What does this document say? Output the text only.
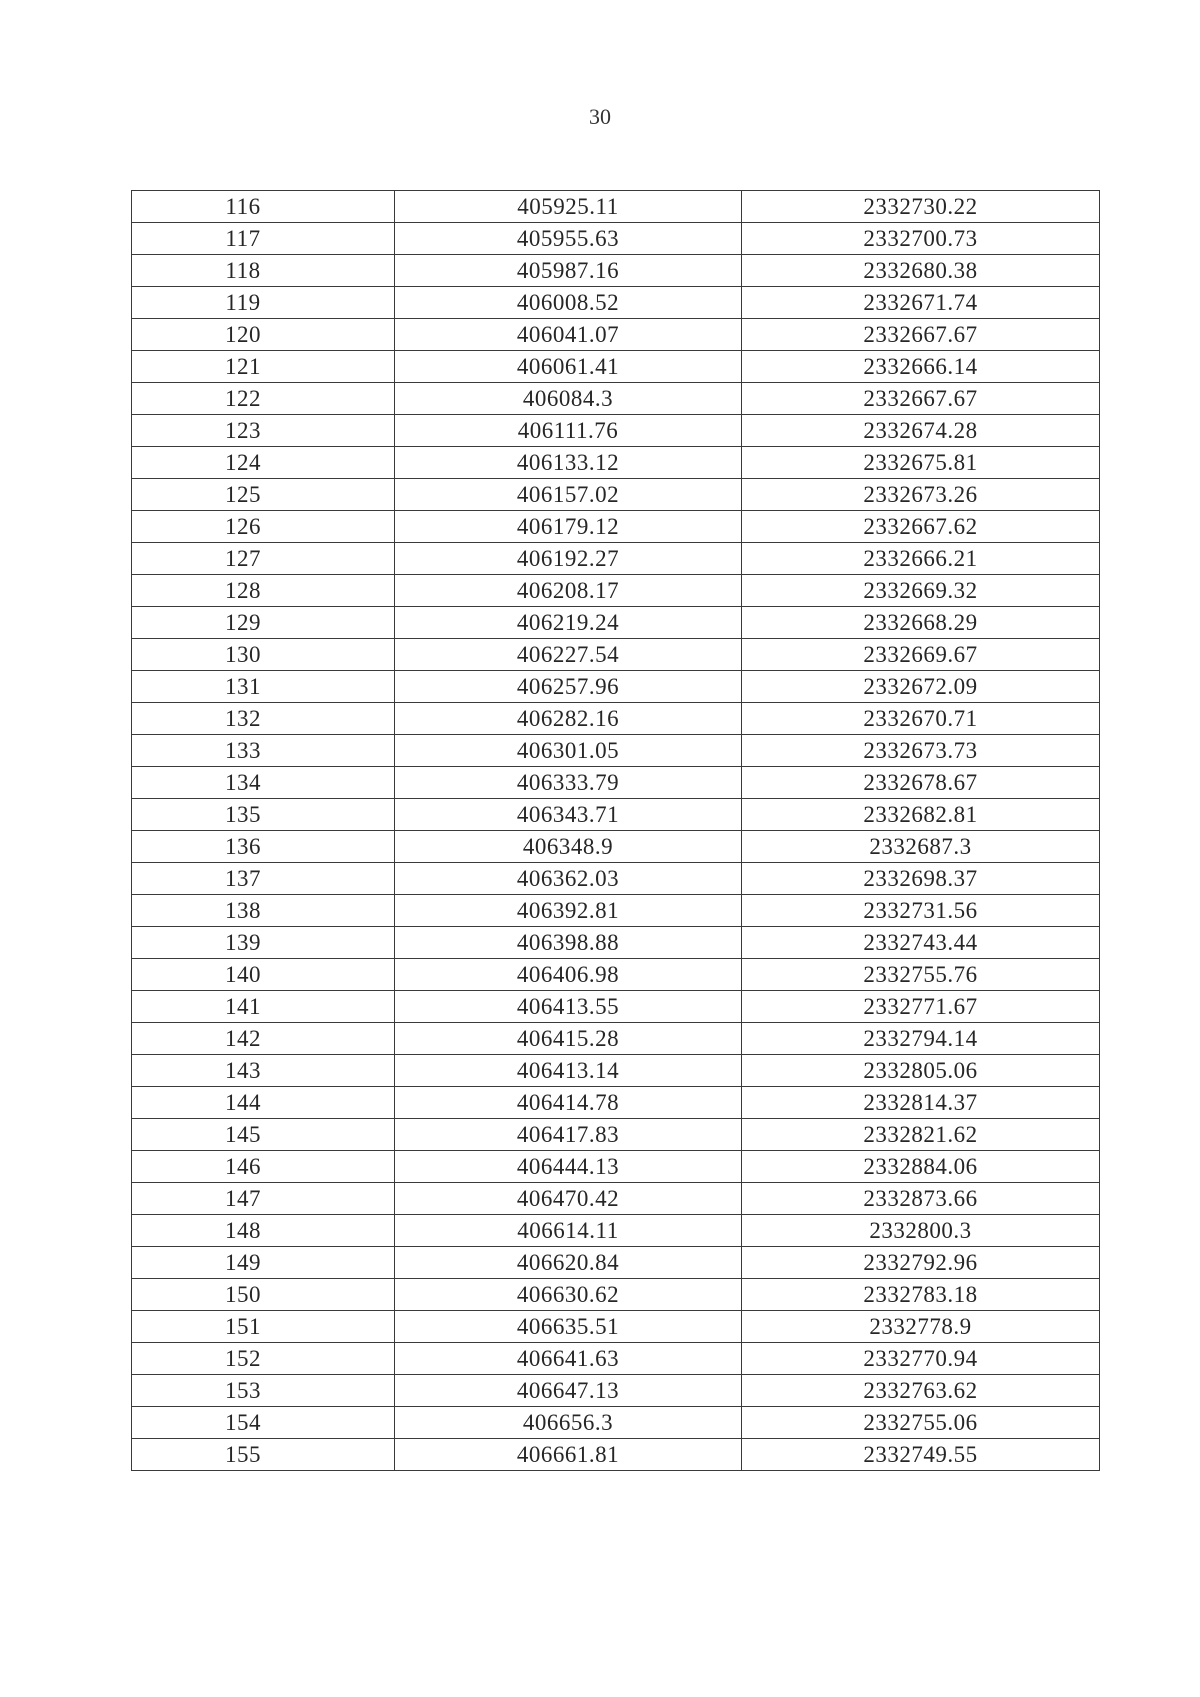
30
116	405925.11	2332730.22
117	405955.63	2332700.73
118	405987.16	2332680.38
119	406008.52	2332671.74
120	406041.07	2332667.67
121	406061.41	2332666.14
122	406084.3	2332667.67
123	406111.76	2332674.28
124	406133.12	2332675.81
125	406157.02	2332673.26
126	406179.12	2332667.62
127	406192.27	2332666.21
128	406208.17	2332669.32
129	406219.24	2332668.29
130	406227.54	2332669.67
131	406257.96	2332672.09
132	406282.16	2332670.71
133	406301.05	2332673.73
134	406333.79	2332678.67
135	406343.71	2332682.81
136	406348.9	2332687.3
137	406362.03	2332698.37
138	406392.81	2332731.56
139	406398.88	2332743.44
140	406406.98	2332755.76
141	406413.55	2332771.67
142	406415.28	2332794.14
143	406413.14	2332805.06
144	406414.78	2332814.37
145	406417.83	2332821.62
146	406444.13	2332884.06
147	406470.42	2332873.66
148	406614.11	2332800.3
149	406620.84	2332792.96
150	406630.62	2332783.18
151	406635.51	2332778.9
152	406641.63	2332770.94
153	406647.13	2332763.62
154	406656.3	2332755.06
155	406661.81	2332749.55
